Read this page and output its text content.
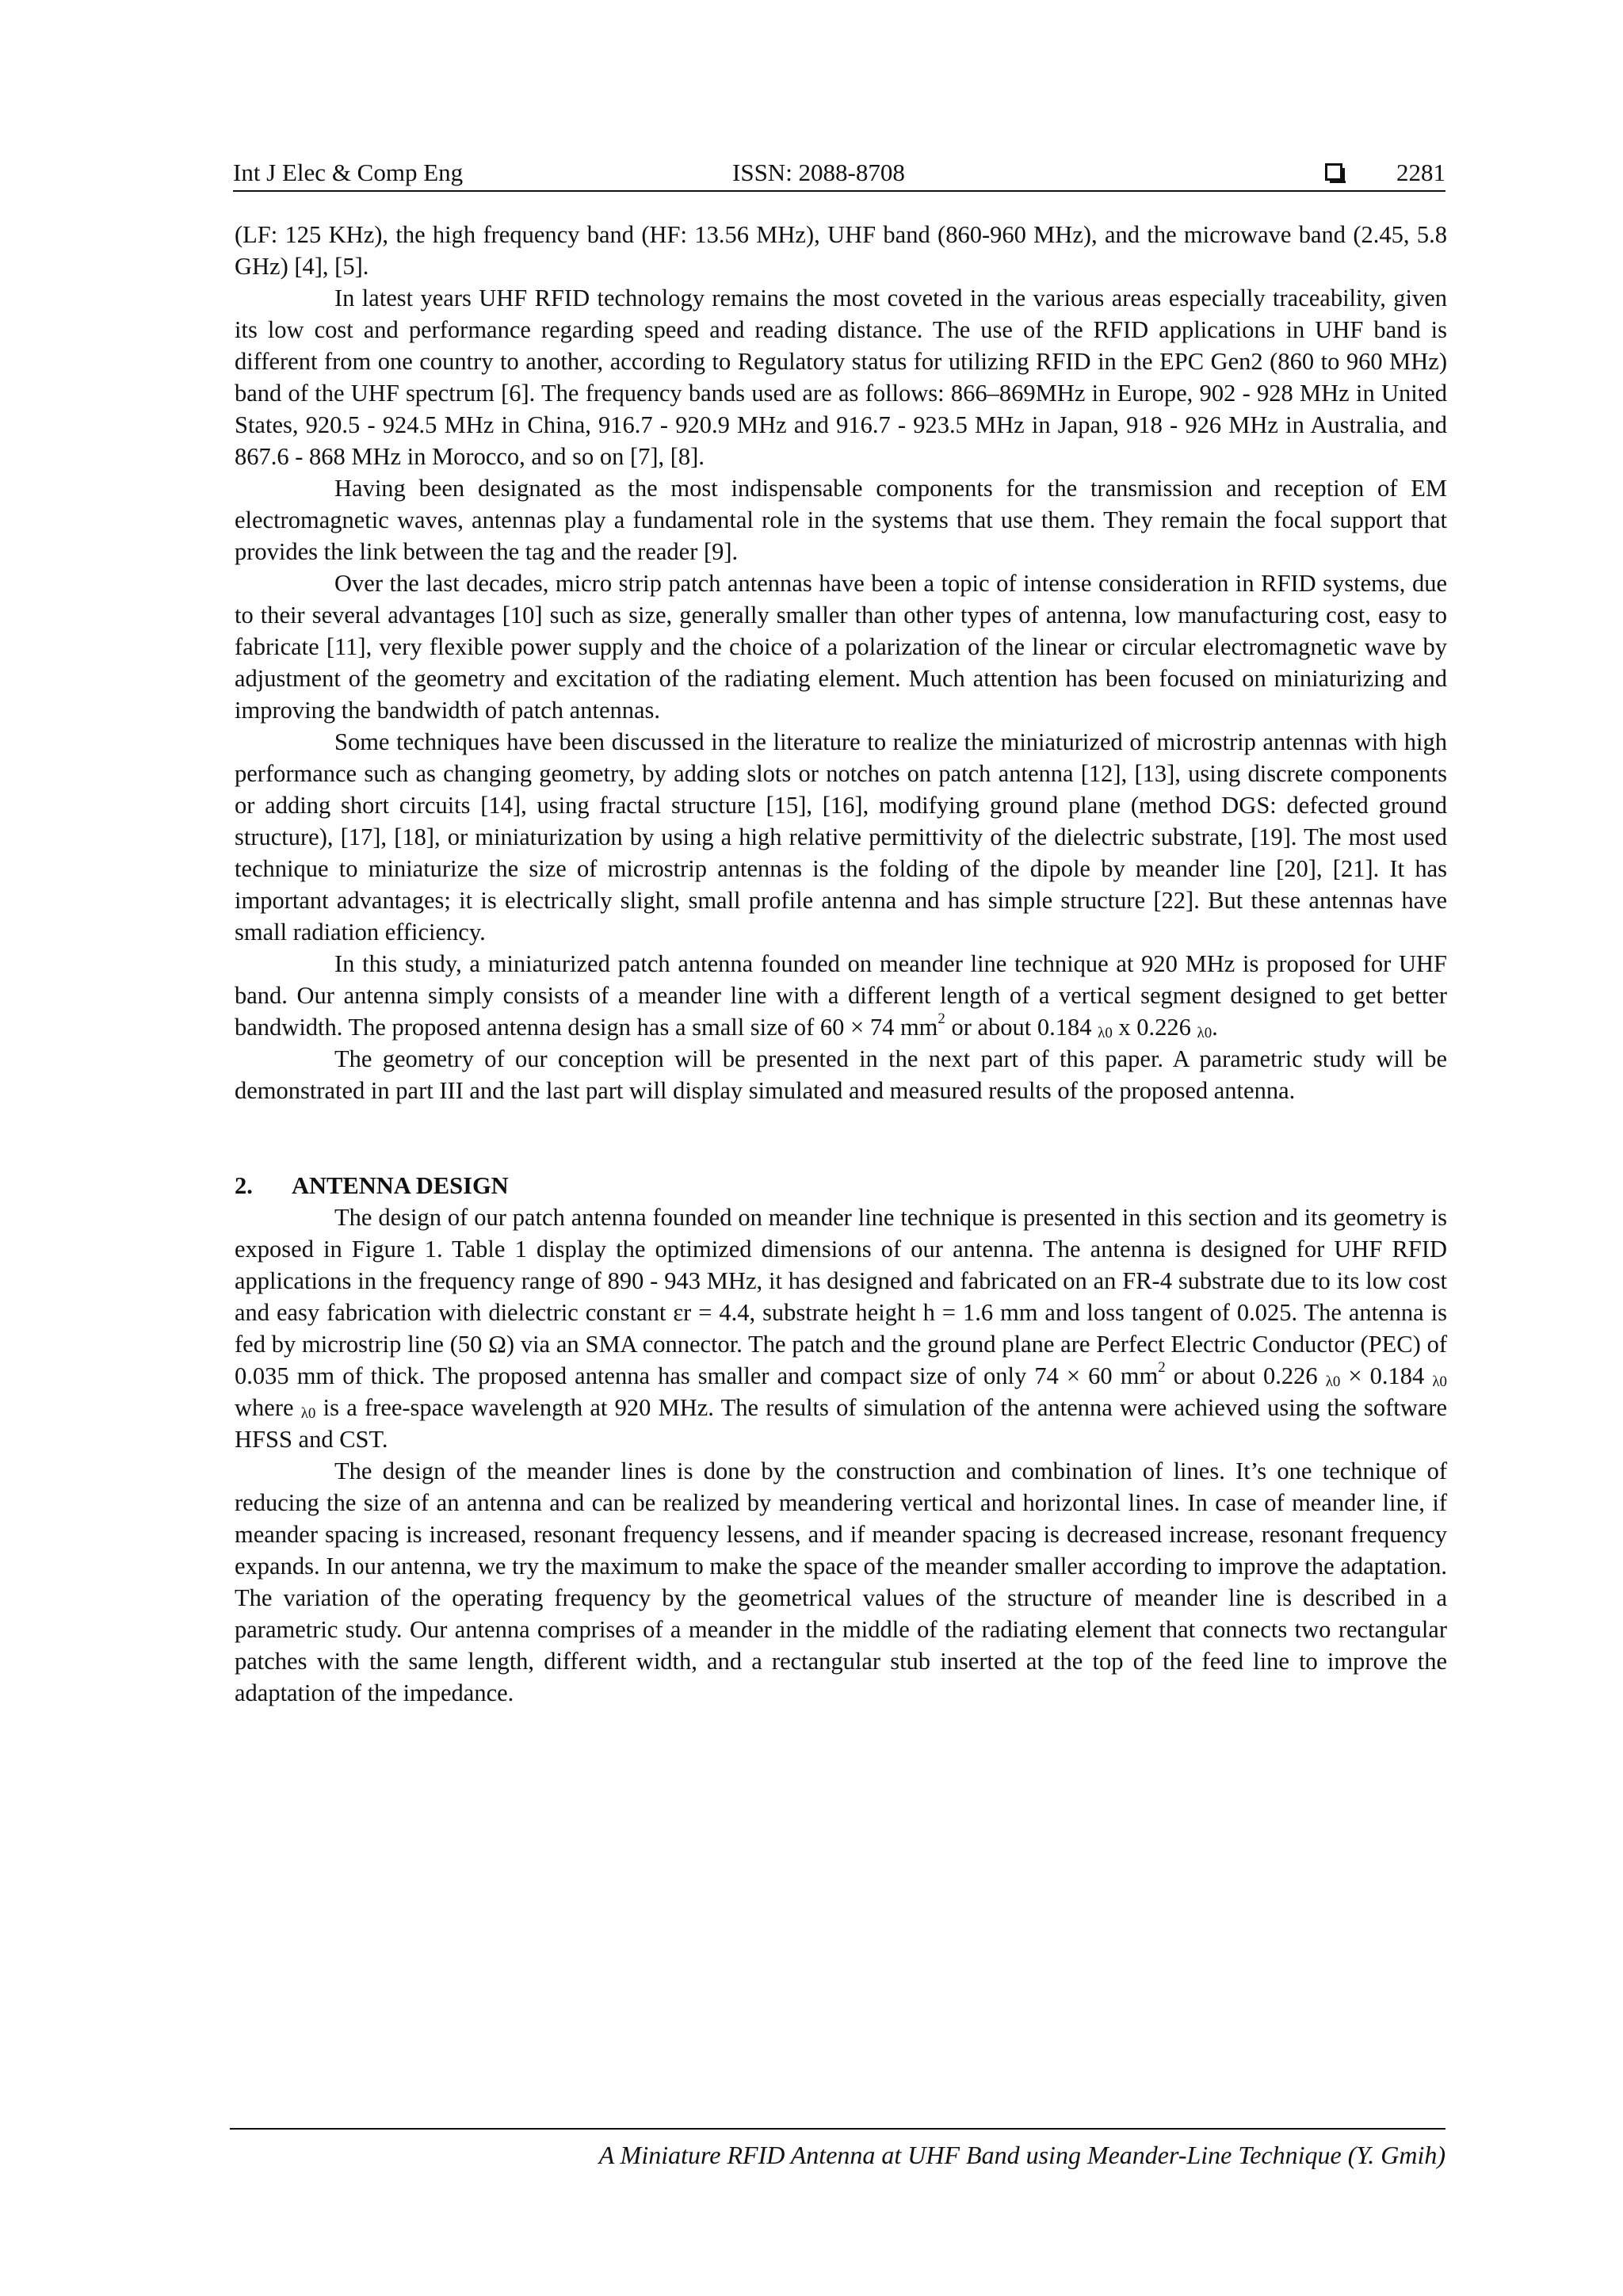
Int J Elec & Comp Eng	ISSN: 2088-8708	2281

(LF: 125 KHz), the high frequency band (HF: 13.56 MHz), UHF band (860-960 MHz), and the microwave band (2.45, 5.8 GHz) [4], [5].

In latest years UHF RFID technology remains the most coveted in the various areas especially traceability, given its low cost and performance regarding speed and reading distance. The use of the RFID applications in UHF band is different from one country to another, according to Regulatory status for utilizing RFID in the EPC Gen2 (860 to 960 MHz) band of the UHF spectrum [6]. The frequency bands used are as follows: 866–869MHz in Europe, 902 - 928 MHz in United States, 920.5 - 924.5 MHz in China, 916.7 - 920.9 MHz and 916.7 - 923.5 MHz in Japan, 918 - 926 MHz in Australia, and 867.6 - 868 MHz in Morocco, and so on [7], [8].

Having been designated as the most indispensable components for the transmission and reception of EM electromagnetic waves, antennas play a fundamental role in the systems that use them. They remain the focal support that provides the link between the tag and the reader [9].

Over the last decades, micro strip patch antennas have been a topic of intense consideration in RFID systems, due to their several advantages [10] such as size, generally smaller than other types of antenna, low manufacturing cost, easy to fabricate [11], very flexible power supply and the choice of a polarization of the linear or circular electromagnetic wave by adjustment of the geometry and excitation of the radiating element. Much attention has been focused on miniaturizing and improving the bandwidth of patch antennas.

Some techniques have been discussed in the literature to realize the miniaturized of microstrip antennas with high performance such as changing geometry, by adding slots or notches on patch antenna [12], [13], using discrete components or adding short circuits [14], using fractal structure [15], [16], modifying ground plane (method DGS: defected ground structure), [17], [18], or miniaturization by using a high relative permittivity of the dielectric substrate, [19]. The most used technique to miniaturize the size of microstrip antennas is the folding of the dipole by meander line [20], [21]. It has important advantages; it is electrically slight, small profile antenna and has simple structure [22]. But these antennas have small radiation efficiency.

In this study, a miniaturized patch antenna founded on meander line technique at 920 MHz is proposed for UHF band. Our antenna simply consists of a meander line with a different length of a vertical segment designed to get better bandwidth. The proposed antenna design has a small size of 60 × 74 $mm^2$ or about 0.184 $_{\lambda 0}$ x 0.226 $_{\lambda 0}$.

The geometry of our conception will be presented in the next part of this paper. A parametric study will be demonstrated in part III and the last part will display simulated and measured results of the proposed antenna.

2. ANTENNA DESIGN

The design of our patch antenna founded on meander line technique is presented in this section and its geometry is exposed in Figure 1. Table 1 display the optimized dimensions of our antenna. The antenna is designed for UHF RFID applications in the frequency range of 890 - 943 MHz, it has designed and fabricated on an FR-4 substrate due to its low cost and easy fabrication with dielectric constant εr = 4.4, substrate height h = 1.6 mm and loss tangent of 0.025. The antenna is fed by microstrip line (50 Ω) via an SMA connector. The patch and the ground plane are Perfect Electric Conductor (PEC) of 0.035 mm of thick. The proposed antenna has smaller and compact size of only 74 × 60 $mm^2$ or about 0.226 $_{\lambda 0}$ × 0.184 $_{\lambda 0}$ where $_{\lambda 0}$ is a free-space wavelength at 920 MHz. The results of simulation of the antenna were achieved using the software HFSS and CST.

The design of the meander lines is done by the construction and combination of lines. It’s one technique of reducing the size of an antenna and can be realized by meandering vertical and horizontal lines. In case of meander line, if meander spacing is increased, resonant frequency lessens, and if meander spacing is decreased increase, resonant frequency expands. In our antenna, we try the maximum to make the space of the meander smaller according to improve the adaptation. The variation of the operating frequency by the geometrical values of the structure of meander line is described in a parametric study. Our antenna comprises of a meander in the middle of the radiating element that connects two rectangular patches with the same length, different width, and a rectangular stub inserted at the top of the feed line to improve the adaptation of the impedance.

A Miniature RFID Antenna at UHF Band using Meander-Line Technique (Y. Gmih)
